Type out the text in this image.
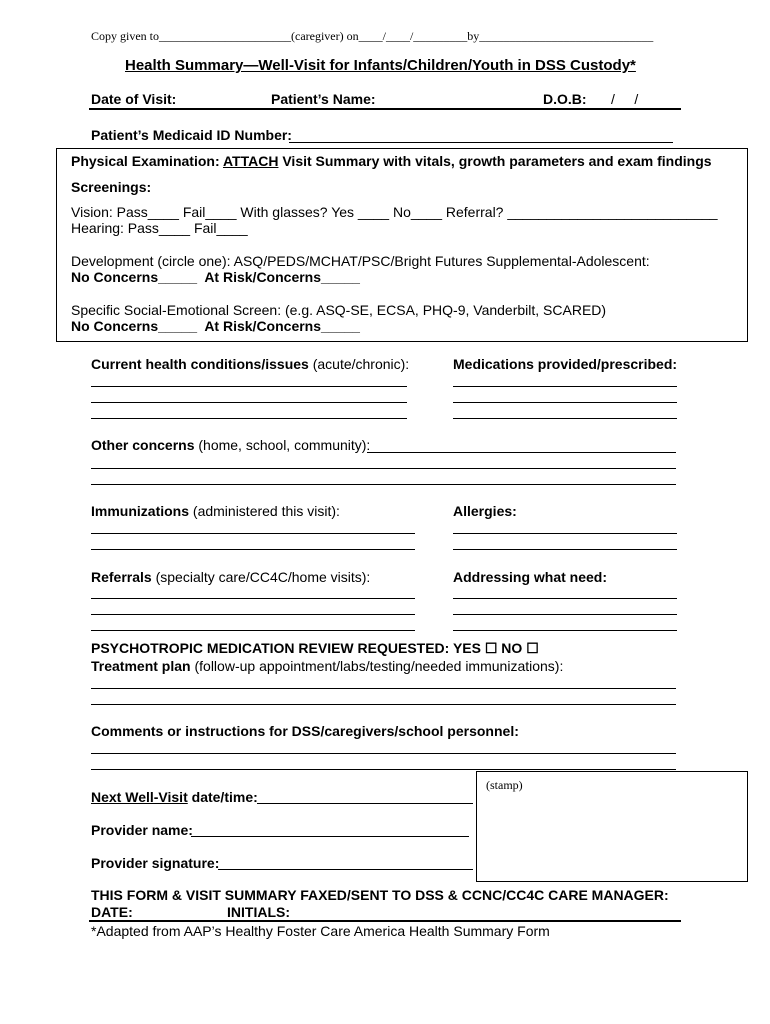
Copy given to______________________(caregiver) on____/____/_________by_____________________________
Health Summary—Well-Visit for Infants/Children/Youth in DSS Custody*
Date of Visit:	Patient’s Name:	D.O.B: /     /
Patient’s Medicaid ID Number:
Physical Examination: ATTACH Visit Summary with vitals, growth parameters and exam findings
Screenings:
Vision: Pass____ Fail____ With glasses? Yes ____ No____ Referral? ___________________________
Hearing: Pass____ Fail____
Development (circle one): ASQ/PEDS/MCHAT/PSC/Bright Futures Supplemental-Adolescent:
No Concerns_____  At Risk/Concerns_____
Specific Social-Emotional Screen: (e.g. ASQ-SE, ECSA, PHQ-9, Vanderbilt, SCARED)
No Concerns_____  At Risk/Concerns_____
Current health conditions/issues (acute/chronic):	Medications provided/prescribed:
Other concerns (home, school, community):
Immunizations (administered this visit):	Allergies:
Referrals (specialty care/CC4C/home visits):	Addressing what need:
PSYCHOTROPIC MEDICATION REVIEW REQUESTED: YES ☐ NO ☐
Treatment plan (follow-up appointment/labs/testing/needed immunizations):
Comments or instructions for DSS/caregivers/school personnel:
(stamp)
Next Well-Visit date/time:
Provider name:
Provider signature:
THIS FORM & VISIT SUMMARY FAXED/SENT TO DSS & CCNC/CC4C CARE MANAGER:
DATE:	INITIALS:
*Adapted from AAP’s Healthy Foster Care America Health Summary Form
